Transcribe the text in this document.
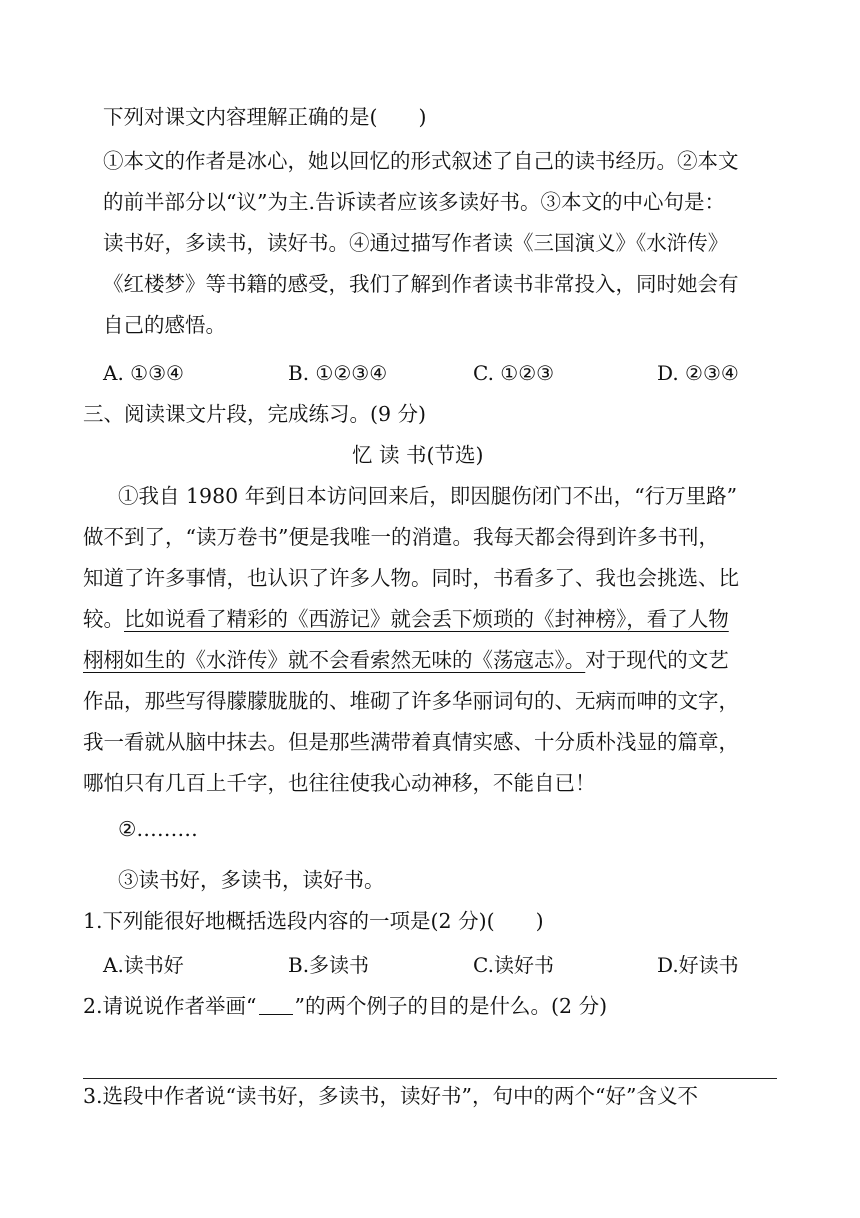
下列对课文内容理解正确的是(　　)
①本文的作者是冰心，她以回忆的形式叙述了自己的读书经历。②本文
的前半部分以“议”为主.告诉读者应该多读好书。③本文的中心句是：
读书好，多读书，读好书。④通过描写作者读《三国演义》《水浒传》
《红楼梦》等书籍的感受，我们了解到作者读书非常投入，同时她会有
自己的感悟。
A. ①③④	B. ①②③④	C. ①②③	D. ②③④
三、阅读课文片段，完成练习。(9 分)
忆 读 书(节选)
①我自 1980 年到日本访问回来后，即因腿伤闭门不出，“行万里路”
做不到了，“读万卷书”便是我唯一的消遣。我每天都会得到许多书刊，
知道了许多事情，也认识了许多人物。同时，书看多了、我也会挑选、比
较。比如说看了精彩的《西游记》就会丢下烦琐的《封神榜》，看了人物
栩栩如生的《水浒传》就不会看索然无味的《荡寇志》。对于现代的文艺
作品，那些写得朦朦胧胧的、堆砌了许多华丽词句的、无病而呻的文字，
我一看就从脑中抹去。但是那些满带着真情实感、十分质朴浅显的篇章，
哪怕只有几百上千字，也往往使我心动神移，不能自已！
②………
③读书好，多读书，读好书。
1.下列能很好地概括选段内容的一项是(2 分)(　　)
A.读书好	B.多读书	C.读好书	D.好读书
2.请说说作者举画“ ”的两个例子的目的是什么。(2 分)
3.选段中作者说“读书好，多读书，读好书”，句中的两个“好”含义不
